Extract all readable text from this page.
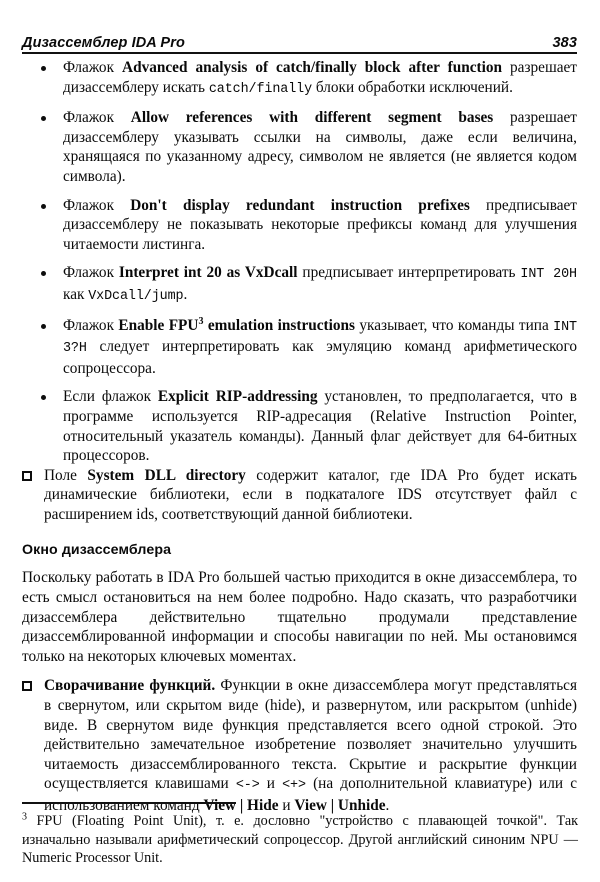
Дизассемблер IDA Pro	383
Флажок Advanced analysis of catch/finally block after function разрешает дизассемблеру искать catch/finally блоки обработки исключений.
Флажок Allow references with different segment bases разрешает дизассемблеру указывать ссылки на символы, даже если величина, хранящаяся по указанному адресу, символом не является (не является кодом символа).
Флажок Don't display redundant instruction prefixes предписывает дизассемблеру не показывать некоторые префиксы команд для улучшения читаемости листинга.
Флажок Interpret int 20 as VxDcall предписывает интерпретировать INT 20H как VxDcall/jump.
Флажок Enable FPU$^3$ emulation instructions указывает, что команды типа INT 3?H следует интерпретировать как эмуляцию команд арифметического сопроцессора.
Если флажок Explicit RIP-addressing установлен, то предполагается, что в программе используется RIP-адресация (Relative Instruction Pointer, относительный указатель команды). Данный флаг действует для 64-битных процессоров.
Поле System DLL directory содержит каталог, где IDA Pro будет искать динамические библиотеки, если в подкаталоге IDS отсутствует файл с расширением ids, соответствующий данной библиотеки.
Окно дизассемблера

Поскольку работать в IDA Pro большей частью приходится в окне дизассемблера, то есть смысл остановиться на нем более подробно. Надо сказать, что разработчики дизассемблера действительно тщательно продумали представление дизассемблированной информации и способы навигации по ней. Мы остановимся только на некоторых ключевых моментах.

Сворачивание функций. Функции в окне дизассемблера могут представляться в свернутом, или скрытом виде (hide), и развернутом, или раскрытом (unhide) виде. В свернутом виде функция представляется всего одной строкой. Это действительно замечательное изобретение позволяет значительно улучшить читаемость дизассемблированного текста. Скрытие и раскрытие функции осуществляется клавишами <-> и <+> (на дополнительной клавиатуре) или с использованием команд View | Hide и View | Unhide.

$^3$ FPU (Floating Point Unit), т. е. дословно "устройство с плавающей точкой". Так изначально называли арифметический сопроцессор. Другой английский синоним NPU — Numeric Processor Unit.
